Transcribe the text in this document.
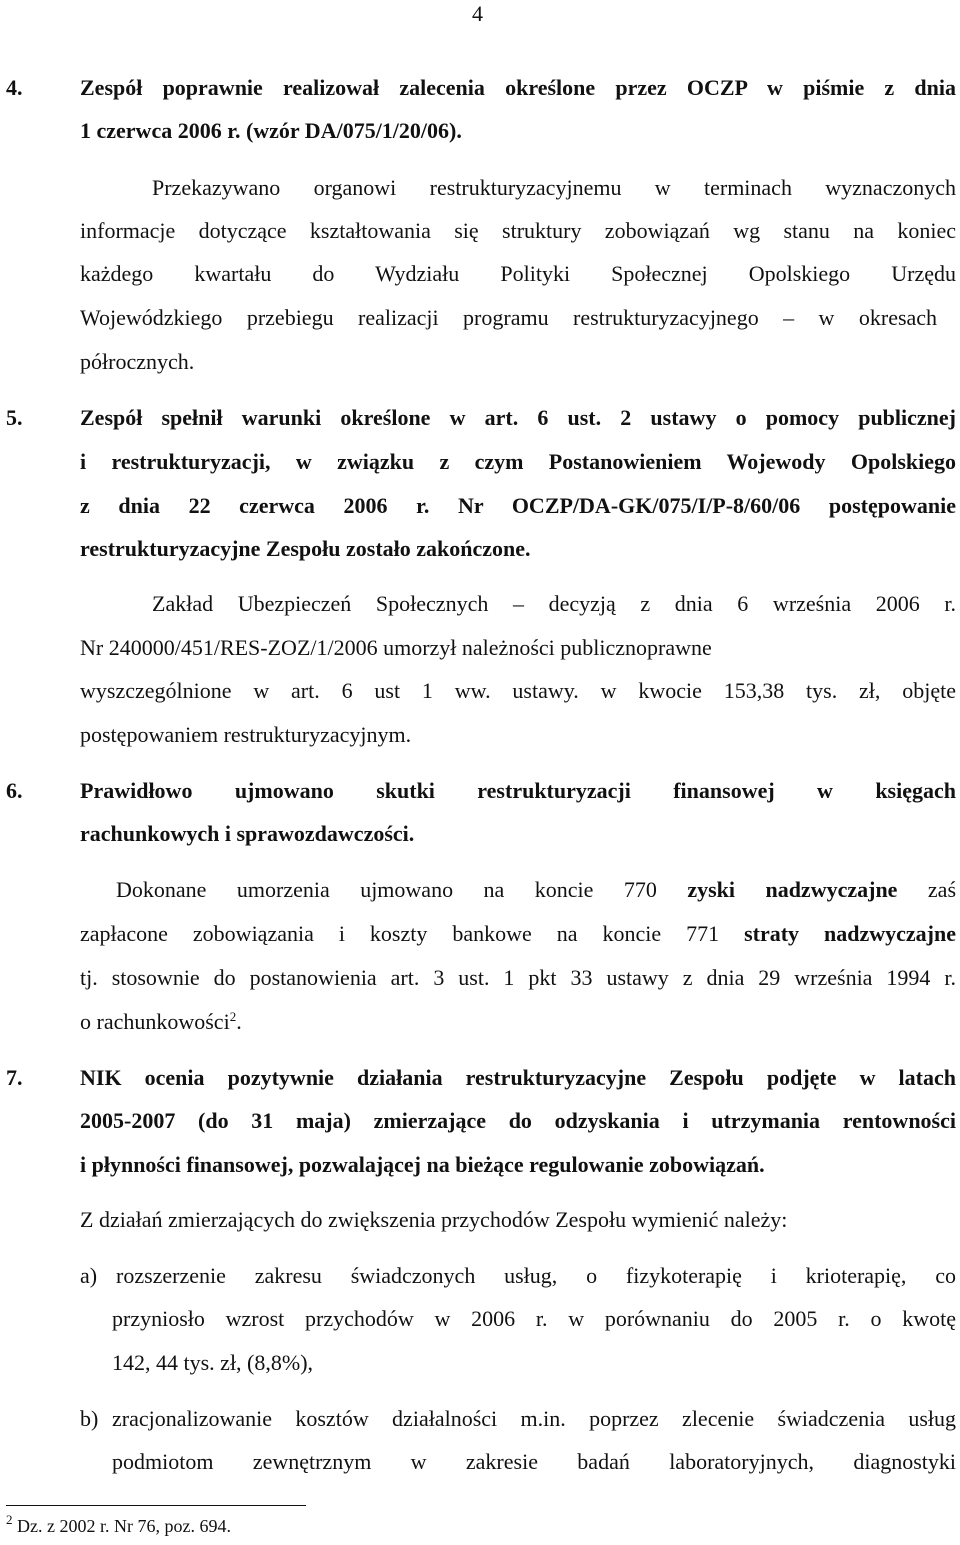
4
4.	Zespół poprawnie realizował zalecenia określone przez OCZP w piśmie z dnia
1 czerwca 2006 r. (wzór DA/075/1/20/06).
Przekazywano organowi restrukturyzacyjnemu w terminach wyznaczonych
informacje dotyczące kształtowania się struktury zobowiązań wg stanu na koniec
każdego kwartału do Wydziału Polityki Społecznej Opolskiego Urzędu
Wojewódzkiego przebiegu realizacji programu restrukturyzacyjnego – w okresach
półrocznych.
5.	Zespół spełnił warunki określone w art. 6 ust. 2 ustawy o pomocy publicznej
i restrukturyzacji, w związku z czym Postanowieniem Wojewody Opolskiego
z dnia 22 czerwca 2006 r. Nr OCZP/DA-GK/075/I/P-8/60/06 postępowanie
restrukturyzacyjne Zespołu zostało zakończone.
Zakład Ubezpieczeń Społecznych – decyzją z dnia 6 września 2006 r.
Nr 240000/451/RES-ZOZ/1/2006 umorzył należności publicznoprawne
wyszczególnione w art. 6 ust 1 ww. ustawy. w kwocie 153,38 tys. zł, objęte
postępowaniem restrukturyzacyjnym.
6.	Prawidłowo ujmowano skutki restrukturyzacji finansowej w księgach
rachunkowych i sprawozdawczości.
Dokonane umorzenia ujmowano na koncie 770 zyski nadzwyczajne zaś
zapłacone zobowiązania i koszty bankowe na koncie 771 straty nadzwyczajne
tj. stosownie do postanowienia art. 3 ust. 1 pkt 33 ustawy z dnia 29 września 1994 r.
o rachunkowości$^2$.
7.	NIK ocenia pozytywnie działania restrukturyzacyjne Zespołu podjęte w latach
2005-2007 (do 31 maja) zmierzające do odzyskania i utrzymania rentowności
i płynności finansowej, pozwalającej na bieżące regulowanie zobowiązań.
Z działań zmierzających do zwiększenia przychodów Zespołu wymienić należy:
a) rozszerzenie zakresu świadczonych usług, o fizykoterapię i krioterapię, co
przyniosło wzrost przychodów w 2006 r. w porównaniu do 2005 r. o kwotę
142, 44 tys. zł, (8,8%),
b) zracjonalizowanie kosztów działalności m.in. poprzez zlecenie świadczenia usług
podmiotom zewnętrznym w zakresie badań laboratoryjnych, diagnostyki
$^2$ Dz. z 2002 r. Nr 76, poz. 694.
